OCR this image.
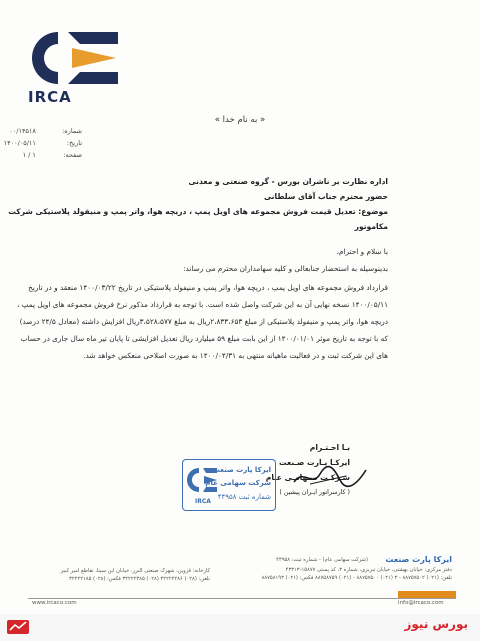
IRCA
« به نام خدا »
شماره: ۰۰/۱۴۵۱۸
تاریخ: ۱۴۰۰/۰۵/۱۱
صفحه: ۱ / ۱
اداره نظارت بر ناشران بورس - گروه صنعتی و معدنی
حضور محترم جناب آقای سلطانی
موضوع: تعدیل قیمت فروش مجموعه های اویل پمپ ، دریچه هوا، واتر پمپ و منیفولد پلاستیکی شرکت
مکاموتور
با سلام و احترام،
بدینوسیله به استحضار جنابعالی و کلیه سهامداران محترم می رساند:
قرارداد فروش مجموعه های اویل پمپ ، دریچه هوا، واتر پمپ و منیفولد پلاستیکی در تاریخ ۱۴۰۰/۰۳/۲۲ منعقد و در تاریخ
۱۴۰۰/۰۵/۱۱ نسخه نهایی آن به این شرکت واصل شده است. با توجه به قرارداد مذکور نرخ فروش مجموعه های اویل پمپ ،
دریچه هوا، واتر پمپ و منیفولد پلاستیکی از مبلغ ۲،۸۳۳،۶۵۳ریال به مبلغ ۳،۵۲۸،۵۷۷ریال افزایش داشته (معادل ۲۴/۵ درصد)
که با توجه به تاریخ موثر ۱۴۰۰/۰۱/۰۱ از این بابت مبلغ ۵۹ میلیارد ریال تعدیل افزایشی تا پایان تیر ماه سال جاری در حساب
های این شرکت ثبت و در فعالیت ماهیانه منتهی به ۱۴۰۰/۰۴/۳۱ به صورت اصلاحی منعکس خواهد شد.
بـا احـتـرام
ایرکـا پـارت صـنعت
شـرکـت سـهامـی عـام
( کارسراتور ایـران پیشین )
IRCA
ایرکا پارت صنعت
شرکت سهامی عام
شماره ثبت ۴۴۹۵۸
ایرکا پارت صنعت
(شرکت سهامی عام) - شماره ثبت: ۴۴۹۵۸
دفتر مرکزی: خیابان بهشتی، خیابان تبریزی، شماره ۳، کد پستی ۱۵۸۷۷-۴۳۳۱۳
تلفن: (۰۲۱) ۸۸۷۵۷۵۰۲ - ۳ (۰۲۱) ۸۸۷۵۷۵۰۰ - (۰۲۱) ۸۸۷۵۸۷۵۹ فکس: (۰۲۱) ۸۸۷۵۸۱۹۳
کارخانه: قزوین، شهرک صنعتی البرز، خیابان ابن سینا، تقاطع امیر کبیر تلفن: (۰۲۸) ۳۲۲۲۲۲۸۶ (۰۲۸) ۳۲۲۲۲۳۸۵ فکس: (۰۲۸) ۳۲۲۲۲۱۸۵
www.ircaco.com	info@ircaco.com
بورس نیوز
